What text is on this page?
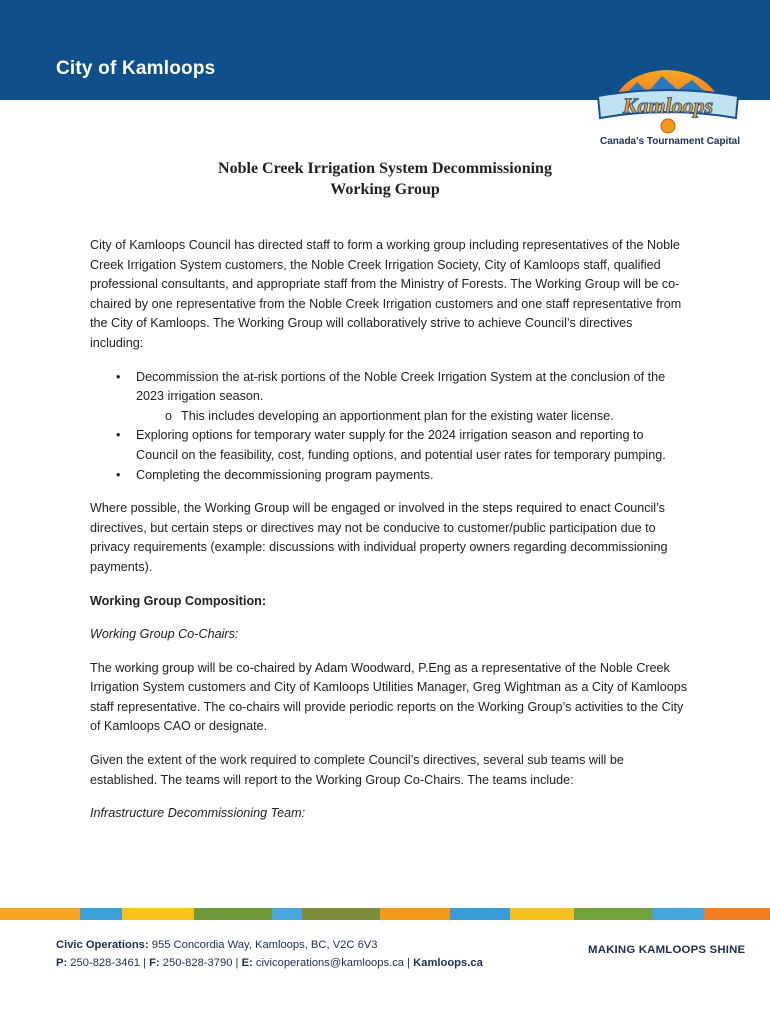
City of Kamloops
Kamloops
Canada's Tournament Capital
Noble Creek Irrigation System Decommissioning
Working Group

City of Kamloops Council has directed staff to form a working group including representatives of the Noble Creek Irrigation System customers, the Noble Creek Irrigation Society, City of Kamloops staff, qualified professional consultants, and appropriate staff from the Ministry of Forests. The Working Group will be co-chaired by one representative from the Noble Creek Irrigation customers and one staff representative from the City of Kamloops. The Working Group will collaboratively strive to achieve Council’s directives including:

• Decommission the at-risk portions of the Noble Creek Irrigation System at the conclusion of the 2023 irrigation season.
o This includes developing an apportionment plan for the existing water license.
• Exploring options for temporary water supply for the 2024 irrigation season and reporting to Council on the feasibility, cost, funding options, and potential user rates for temporary pumping.
• Completing the decommissioning program payments.

Where possible, the Working Group will be engaged or involved in the steps required to enact Council’s directives, but certain steps or directives may not be conducive to customer/public participation due to privacy requirements (example: discussions with individual property owners regarding decommissioning payments).

Working Group Composition:

Working Group Co-Chairs:

The working group will be co-chaired by Adam Woodward, P.Eng as a representative of the Noble Creek Irrigation System customers and City of Kamloops Utilities Manager, Greg Wightman as a City of Kamloops staff representative. The co-chairs will provide periodic reports on the Working Group’s activities to the City of Kamloops CAO or designate.

Given the extent of the work required to complete Council’s directives, several sub teams will be established. The teams will report to the Working Group Co-Chairs. The teams include:

Infrastructure Decommissioning Team:

Civic Operations: 955 Concordia Way, Kamloops, BC, V2C 6V3
P: 250-828-3461 | F: 250-828-3790 | E: civicoperations@kamloops.ca | Kamloops.ca
MAKING KAMLOOPS SHINE
